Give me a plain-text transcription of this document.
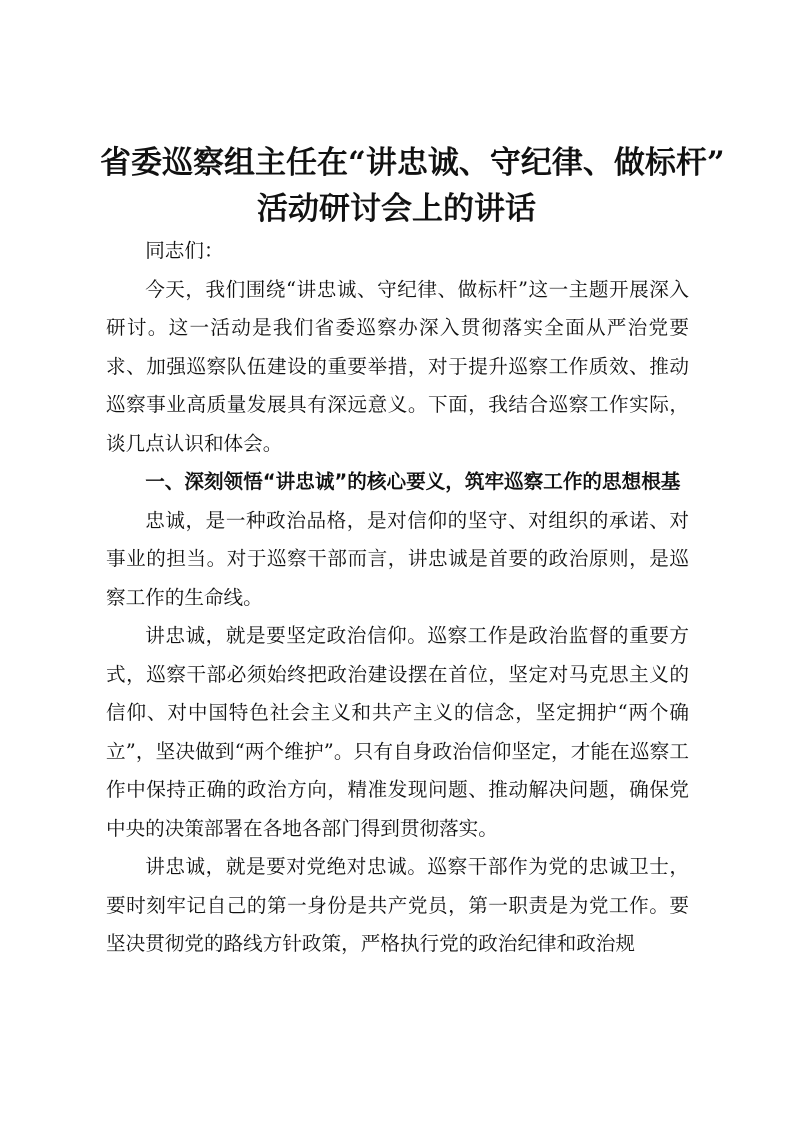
省委巡察组主任在“讲忠诚、守纪律、做标杆”
活动研讨会上的讲话

同志们：

今天，我们围绕“讲忠诚、守纪律、做标杆”这一主题开展深入研讨。这一活动是我们省委巡察办深入贯彻落实全面从严治党要求、加强巡察队伍建设的重要举措，对于提升巡察工作质效、推动巡察事业高质量发展具有深远意义。下面，我结合巡察工作实际，谈几点认识和体会。

一、深刻领悟“讲忠诚”的核心要义，筑牢巡察工作的思想根基

忠诚，是一种政治品格，是对信仰的坚守、对组织的承诺、对事业的担当。对于巡察干部而言，讲忠诚是首要的政治原则，是巡察工作的生命线。

讲忠诚，就是要坚定政治信仰。巡察工作是政治监督的重要方式，巡察干部必须始终把政治建设摆在首位，坚定对马克思主义的信仰、对中国特色社会主义和共产主义的信念，坚定拥护“两个确立”，坚决做到“两个维护”。只有自身政治信仰坚定，才能在巡察工作中保持正确的政治方向，精准发现问题、推动解决问题，确保党中央的决策部署在各地各部门得到贯彻落实。

讲忠诚，就是要对党绝对忠诚。巡察干部作为党的忠诚卫士，要时刻牢记自己的第一身份是共产党员，第一职责是为党工作。要坚决贯彻党的路线方针政策，严格执行党的政治纪律和政治规
